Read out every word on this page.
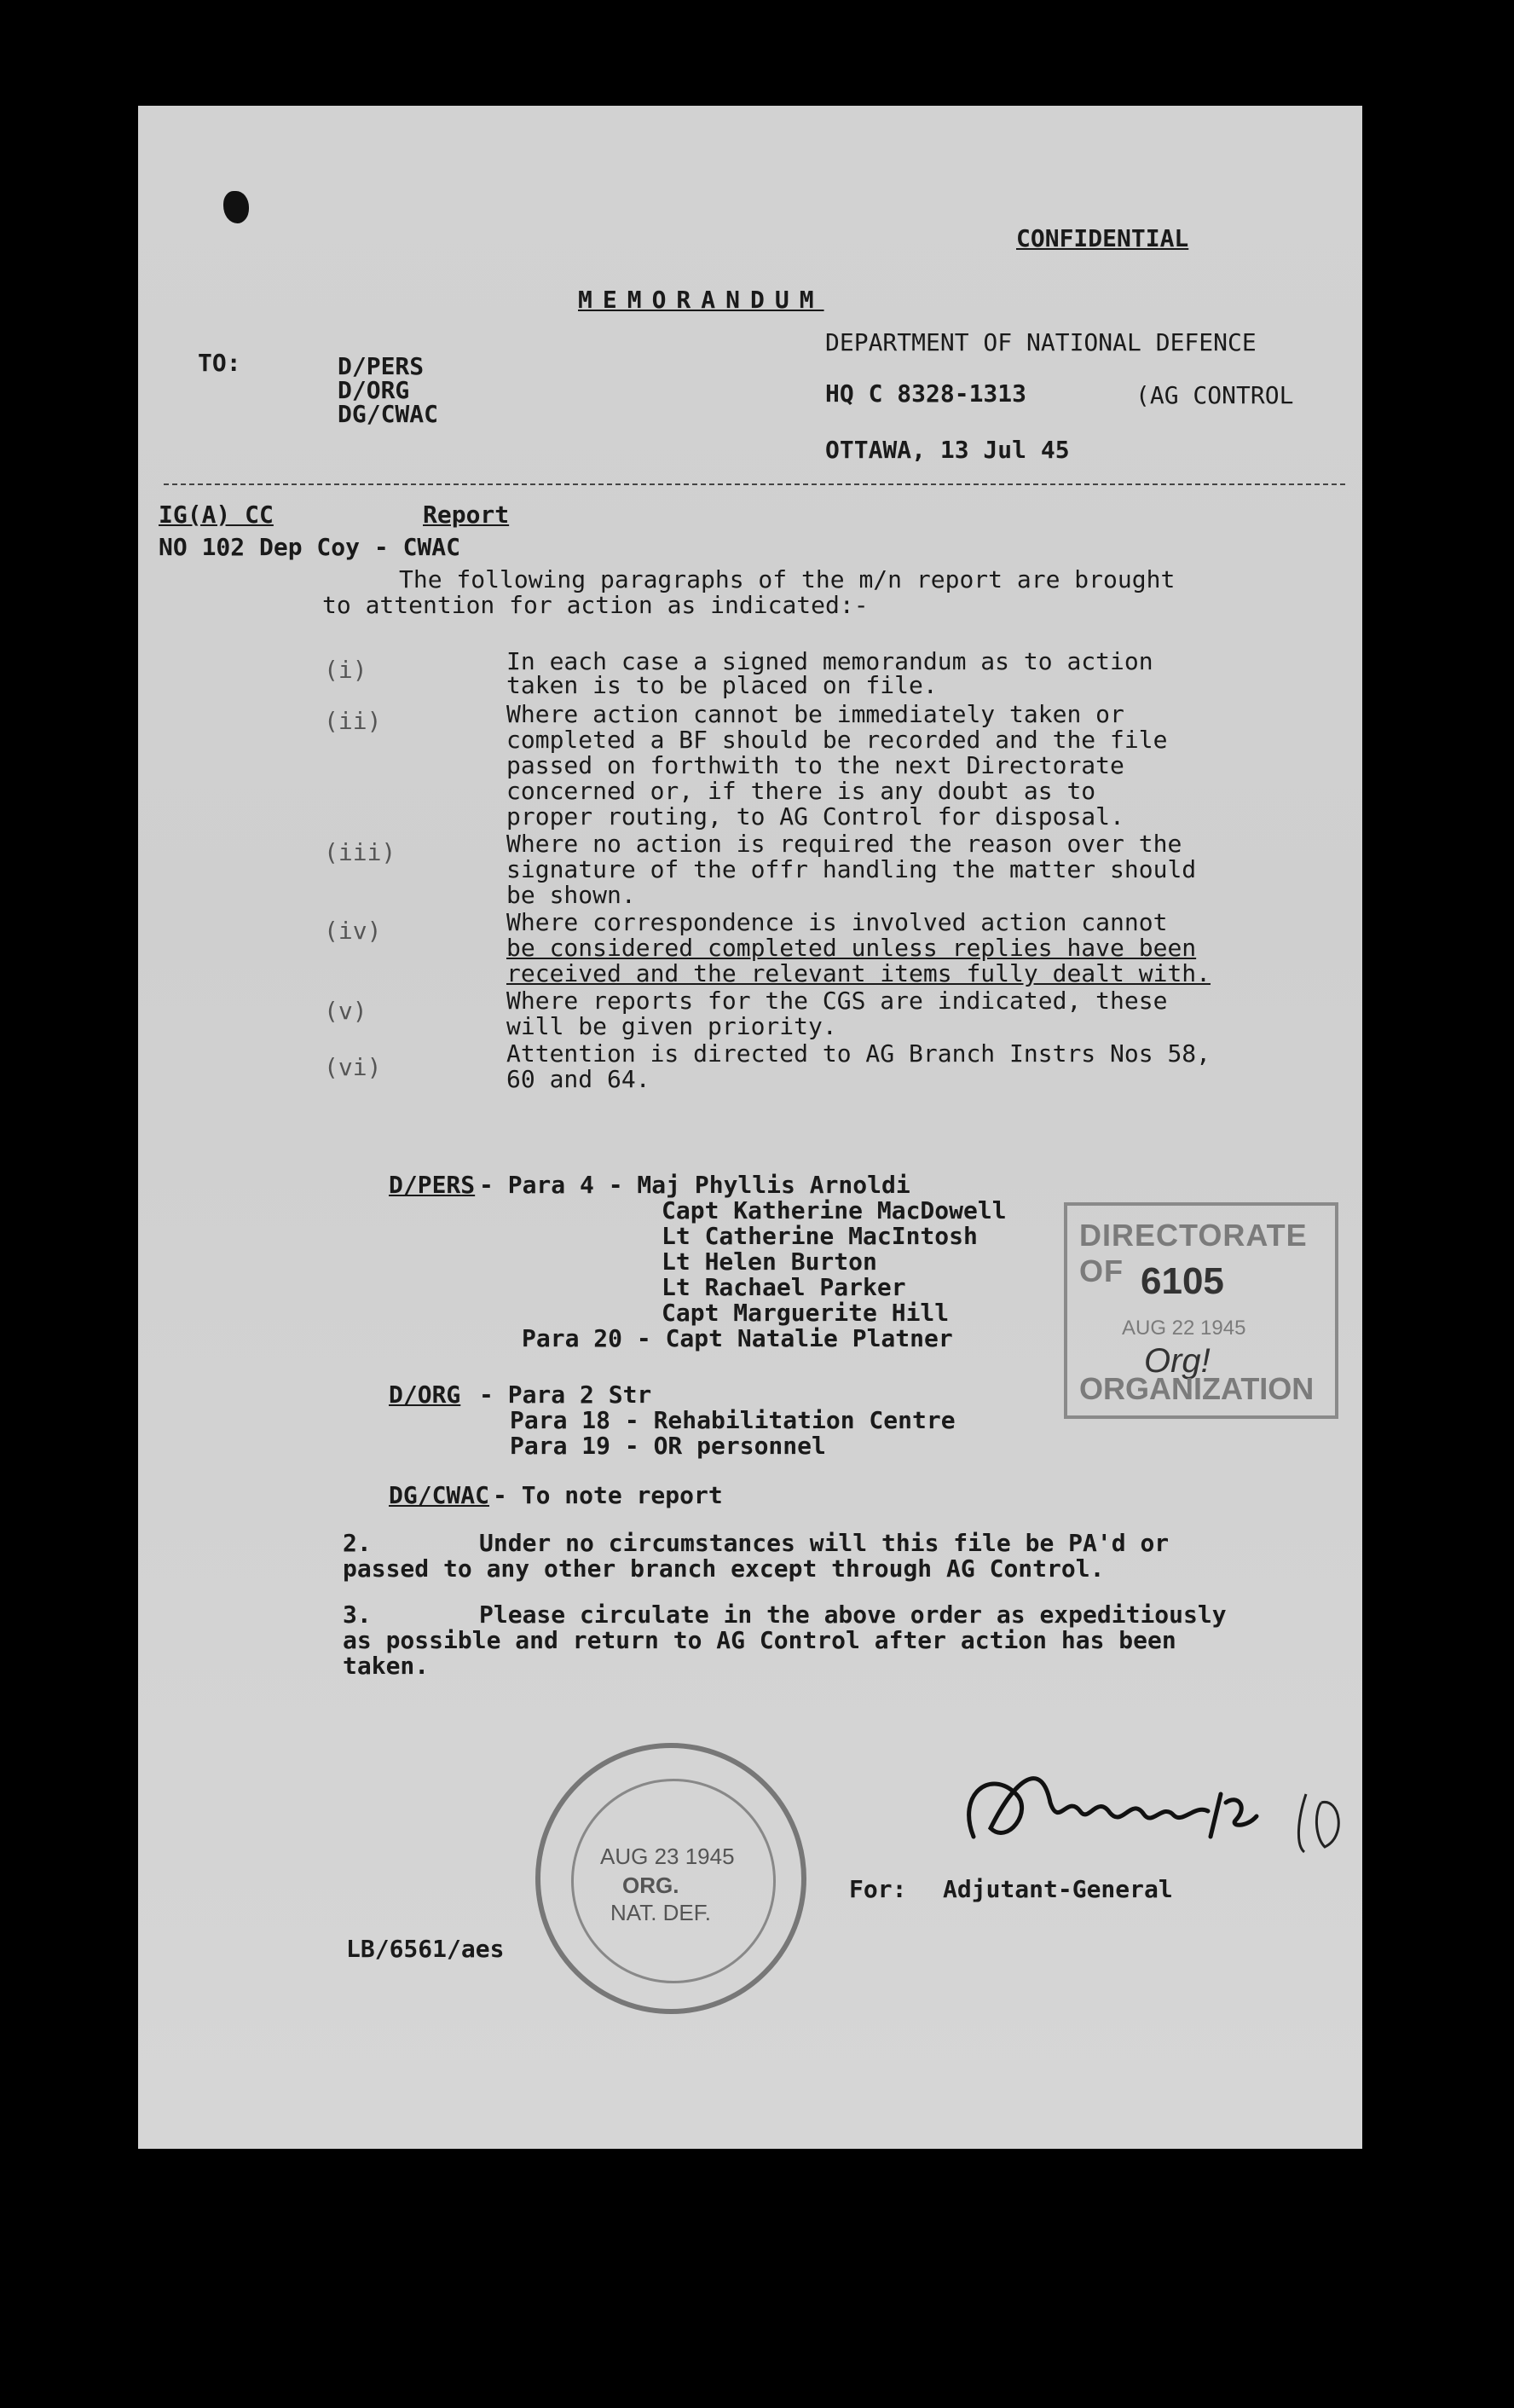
CONFIDENTIAL
MEMORANDUM
TO:	D/PERS
D/ORG
DG/CWAC
DEPARTMENT OF NATIONAL DEFENCE
HQ C 8328-1313	(AG CONTROL
OTTAWA, 13 Jul 45
IG(A) CC	Report
NO 102 Dep Coy - CWAC
The following paragraphs of the m/n report are brought
to attention for action as indicated:-
(i)	In each case a signed memorandum as to action
taken is to be placed on file.
(ii)	Where action cannot be immediately taken or
completed a BF should be recorded and the file
passed on forthwith to the next Directorate
concerned or, if there is any doubt as to
proper routing, to AG Control for disposal.
(iii)	Where no action is required the reason over the
signature of the offr handling the matter should
be shown.
(iv)	Where correspondence is involved action cannot
be considered completed unless replies have been
received and the relevant items fully dealt with.
(v)	Where reports for the CGS are indicated, these
will be given priority.
(vi)	Attention is directed to AG Branch Instrs Nos 58,
60 and 64.
D/PERS - Para 4 - Maj Phyllis Arnoldi
Capt Katherine MacDowell
Lt Catherine MacIntosh
Lt Helen Burton
Lt Rachael Parker
Capt Marguerite Hill
Para 20 - Capt Natalie Platner
D/ORG - Para 2 Str
Para 18 - Rehabilitation Centre
Para 19 - OR personnel
DG/CWAC - To note report
2.	Under no circumstances will this file be PA'd or
passed to any other branch except through AG Control.
3.	Please circulate in the above order as expeditiously
as possible and return to AG Control after action has been
taken.
DIRECTORATE OF 6105
AUG 22 1945
Org!
ORGANIZATION
AUG 23 1945
ORG.
NAT. DEF.
For: Adjutant-General
LB/6561/aes
